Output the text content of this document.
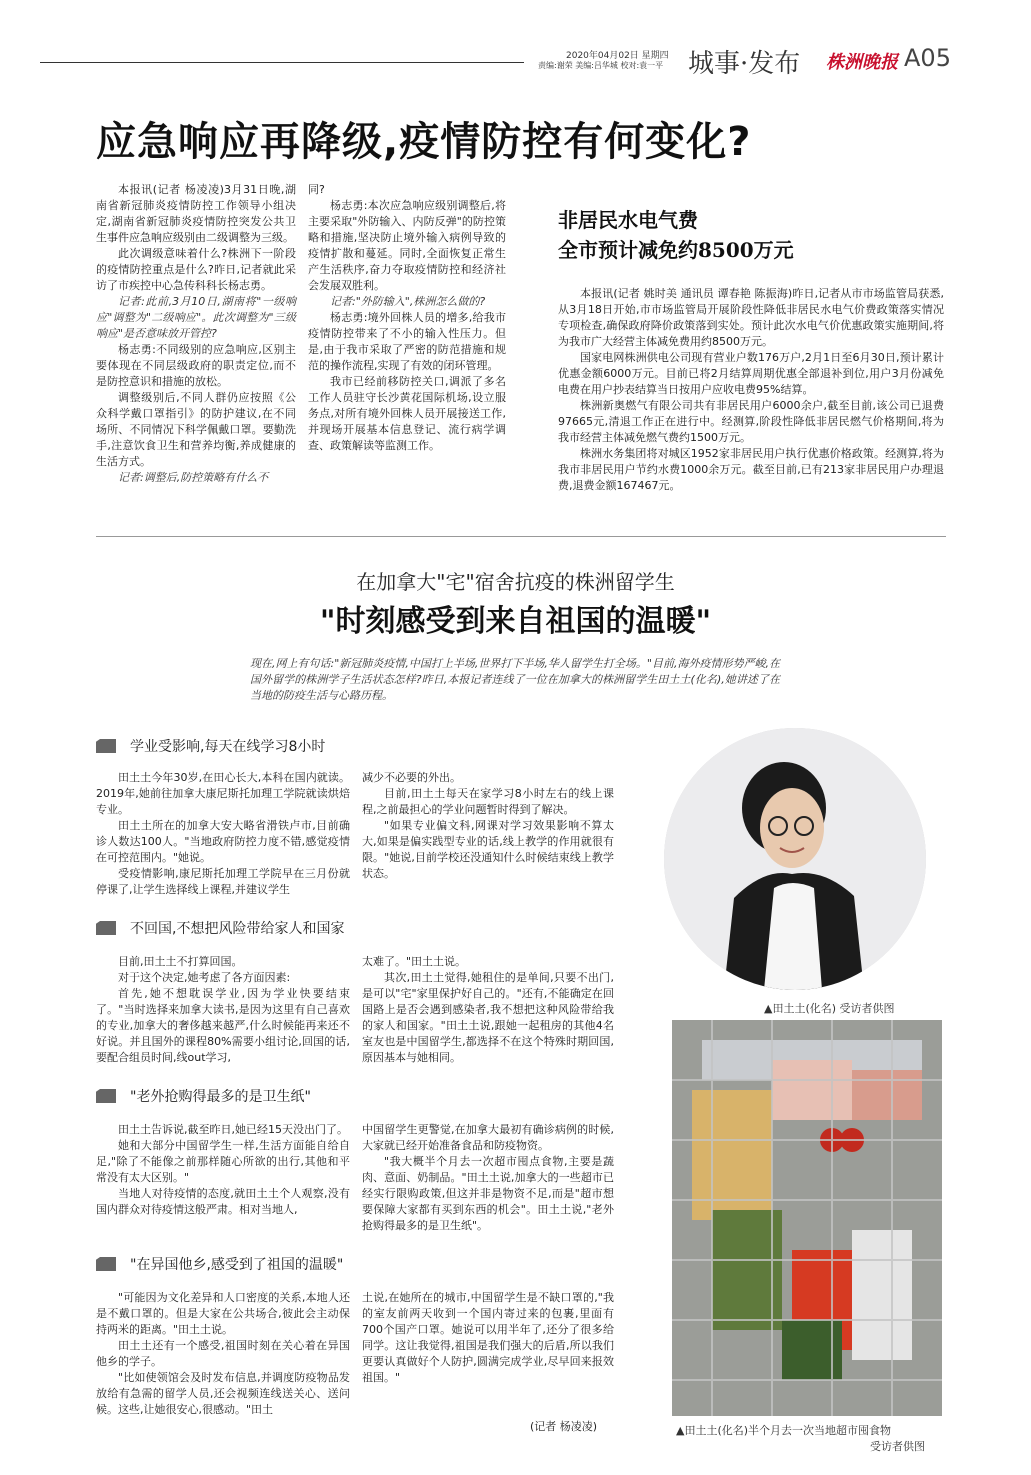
2020年04月02日 星期四
责编:谢荣 美编:吕华城 校对:袁一平 城事·发布 株洲晚报 A05
应急响应再降级,疫情防控有何变化?

本报讯(记者 杨凌凌)3月31日晚,湖南省新冠肺炎疫情防控工作领导小组决定,湖南省新冠肺炎疫情防控突发公共卫生事件应急响应级别由二级调整为三级。

此次调级意味着什么?株洲下一阶段的疫情防控重点是什么?昨日,记者就此采访了市疾控中心急传科科长杨志勇。

记者:此前,3月10日,湖南将"一级响应"调整为"二级响应"。此次调整为"三级响应"是否意味放开管控?

杨志勇:不同级别的应急响应,区别主要体现在不同层级政府的职责定位,而不是防控意识和措施的放松。

调整级别后,不同人群仍应按照《公众科学戴口罩指引》的防护建议,在不同场所、不同情况下科学佩戴口罩。要勤洗手,注意饮食卫生和营养均衡,养成健康的生活方式。

记者:调整后,防控策略有什么不

同?

杨志勇:本次应急响应级别调整后,将主要采取"外防输入、内防反弹"的防控策略和措施,坚决防止境外输入病例导致的疫情扩散和蔓延。同时,全面恢复正常生产生活秩序,奋力夺取疫情防控和经济社会发展双胜利。

记者:"外防输入",株洲怎么做的?

杨志勇:境外回株人员的增多,给我市疫情防控带来了不小的输入性压力。但是,由于我市采取了严密的防范措施和规范的操作流程,实现了有效的闭环管理。

我市已经前移防控关口,调派了多名工作人员驻守长沙黄花国际机场,设立服务点,对所有境外回株人员开展接送工作,并现场开展基本信息登记、流行病学调查、政策解读等监测工作。

非居民水电气费
全市预计减免约8500万元

本报讯(记者 姚时美 通讯员 谭春艳 陈振海)昨日,记者从市市场监管局获悉,从3月18日开始,市市场监管局开展阶段性降低非居民水电气价费政策落实情况专项检查,确保政府降价政策落到实处。预计此次水电气价优惠政策实施期间,将为我市广大经营主体减免费用约8500万元。

国家电网株洲供电公司现有营业户数176万户,2月1日至6月30日,预计累计优惠金额6000万元。目前已将2月结算周期优惠全部退补到位,用户3月份减免电费在用户抄表结算当日按用户应收电费95%结算。

株洲新奥燃气有限公司共有非居民用户6000余户,截至目前,该公司已退费97665元,清退工作正在进行中。经测算,阶段性降低非居民燃气价格期间,将为我市经营主体减免燃气费约1500万元。

株洲水务集团将对城区1952家非居民用户执行优惠价格政策。经测算,将为我市非居民用户节约水费1000余万元。截至目前,已有213家非居民用户办理退费,退费金额167467元。

在加拿大"宅"宿舍抗疫的株洲留学生
"时刻感受到来自祖国的温暖"
现在,网上有句话:"新冠肺炎疫情,中国打上半场,世界打下半场,华人留学生打全场。"目前,海外疫情形势严峻,在国外留学的株洲学子生活状态怎样?昨日,本报记者连线了一位在加拿大的株洲留学生田土土(化名),她讲述了在当地的防疫生活与心路历程。
▲田土土(化名) 受访者供图
▲田土土(化名)半个月去一次当地超市囤食物
受访者供图
学业受影响,每天在线学习8小时

田土土今年30岁,在田心长大,本科在国内就读。2019年,她前往加拿大康尼斯托加理工学院就读烘焙专业。

田土土所在的加拿大安大略省滑铁卢市,目前确诊人数达100人。"当地政府防控力度不错,感觉疫情在可控范围内。"她说。

受疫情影响,康尼斯托加理工学院早在三月份就停课了,让学生选择线上课程,并建议学生

减少不必要的外出。

目前,田土土每天在家学习8小时左右的线上课程,之前最担心的学业问题暂时得到了解决。

"如果专业偏文科,网课对学习效果影响不算太大,如果是偏实践型专业的话,线上教学的作用就很有限。"她说,目前学校还没通知什么时候结束线上教学状态。

不回国,不想把风险带给家人和国家

目前,田土土不打算回国。

对于这个决定,她考虑了各方面因素:

首先,她不想耽误学业,因为学业快要结束了。"当时选择来加拿大读书,是因为这里有自己喜欢的专业,加拿大的奢侈越来越严,什么时候能再来还不好说。并且国外的课程80%需要小组讨论,回国的话,要配合组员时间,线out学习,

太难了。"田土土说。

其次,田土土觉得,她租住的是单间,只要不出门,是可以"宅"家里保护好自己的。"还有,不能确定在回国路上是否会遇到感染者,我不想把这种风险带给我的家人和国家。"田土土说,跟她一起租房的其他4名室友也是中国留学生,都选择不在这个特殊时期回国,原因基本与她相同。

"老外抢购得最多的是卫生纸"

田土土告诉说,截至昨日,她已经15天没出门了。

她和大部分中国留学生一样,生活方面能自给自足,"除了不能像之前那样随心所欲的出行,其他和平常没有太大区别。"

当地人对待疫情的态度,就田土土个人观察,没有国内群众对待疫情这般严肃。相对当地人,

中国留学生更警觉,在加拿大最初有确诊病例的时候,大家就已经开始准备食品和防疫物资。

"我大概半个月去一次超市囤点食物,主要是蔬肉、意面、奶制品。"田土土说,加拿大的一些超市已经实行限购政策,但这并非是物资不足,而是"超市想要保障大家都有买到东西的机会"。田土土说,"老外抢购得最多的是卫生纸"。

"在异国他乡,感受到了祖国的温暖"

"可能因为文化差异和人口密度的关系,本地人还是不戴口罩的。但是大家在公共场合,彼此会主动保持两米的距离。"田土土说。

田土土还有一个感受,祖国时刻在关心着在异国他乡的学子。

"比如使领馆会及时发布信息,并调度防疫物品发放给有急需的留学人员,还会视频连线送关心、送问候。这些,让她很安心,很感动。"田土

土说,在她所在的城市,中国留学生是不缺口罩的,"我的室友前两天收到一个国内寄过来的包裹,里面有700个国产口罩。她说可以用半年了,还分了很多给同学。这让我觉得,祖国是我们强大的后盾,所以我们更要认真做好个人防护,圆满完成学业,尽早回来报效祖国。"

(记者 杨凌凌)
